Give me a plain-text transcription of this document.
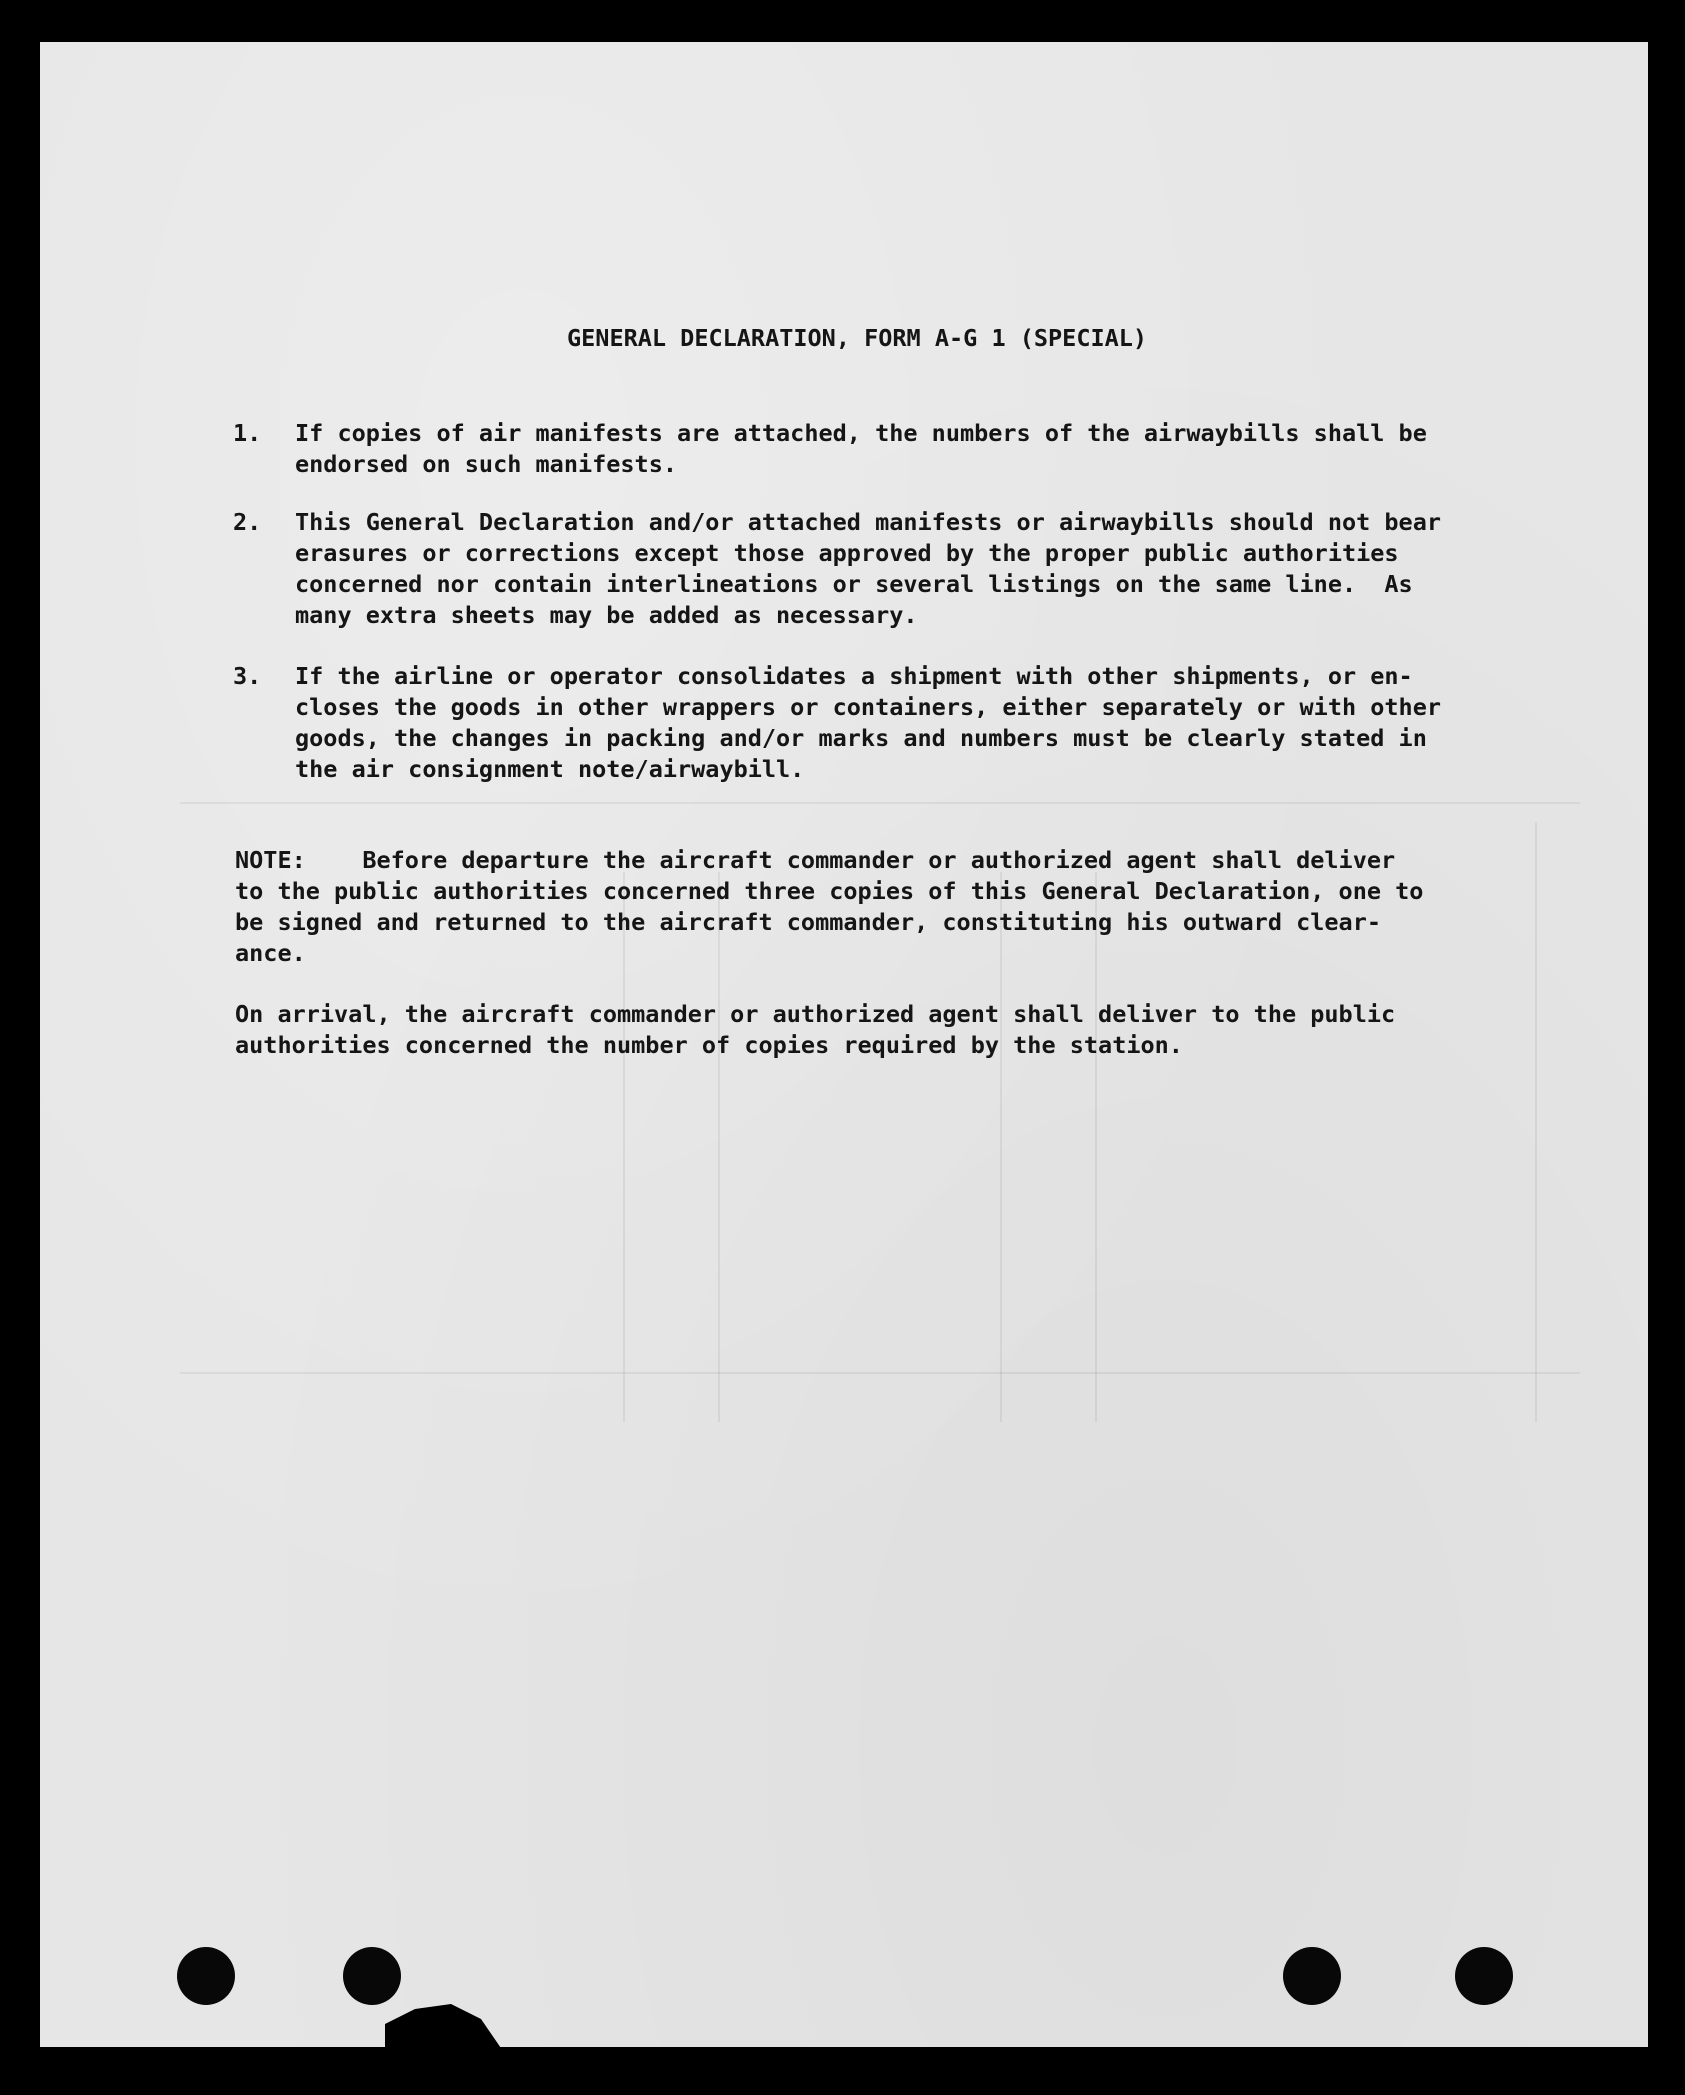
GENERAL DECLARATION, FORM A-G 1 (SPECIAL)
1. If copies of air manifests are attached, the numbers of the airwaybills shall be
endorsed on such manifests.
2. This General Declaration and/or attached manifests or airwaybills should not bear
erasures or corrections except those approved by the proper public authorities
concerned nor contain interlineations or several listings on the same line.  As
many extra sheets may be added as necessary.
3. If the airline or operator consolidates a shipment with other shipments, or en-
closes the goods in other wrappers or containers, either separately or with other
goods, the changes in packing and/or marks and numbers must be clearly stated in
the air consignment note/airwaybill.
NOTE:    Before departure the aircraft commander or authorized agent shall deliver
to the public authorities concerned three copies of this General Declaration, one to
be signed and returned to the aircraft commander, constituting his outward clear-
ance.
On arrival, the aircraft commander or authorized agent shall deliver to the public
authorities concerned the number of copies required by the station.
